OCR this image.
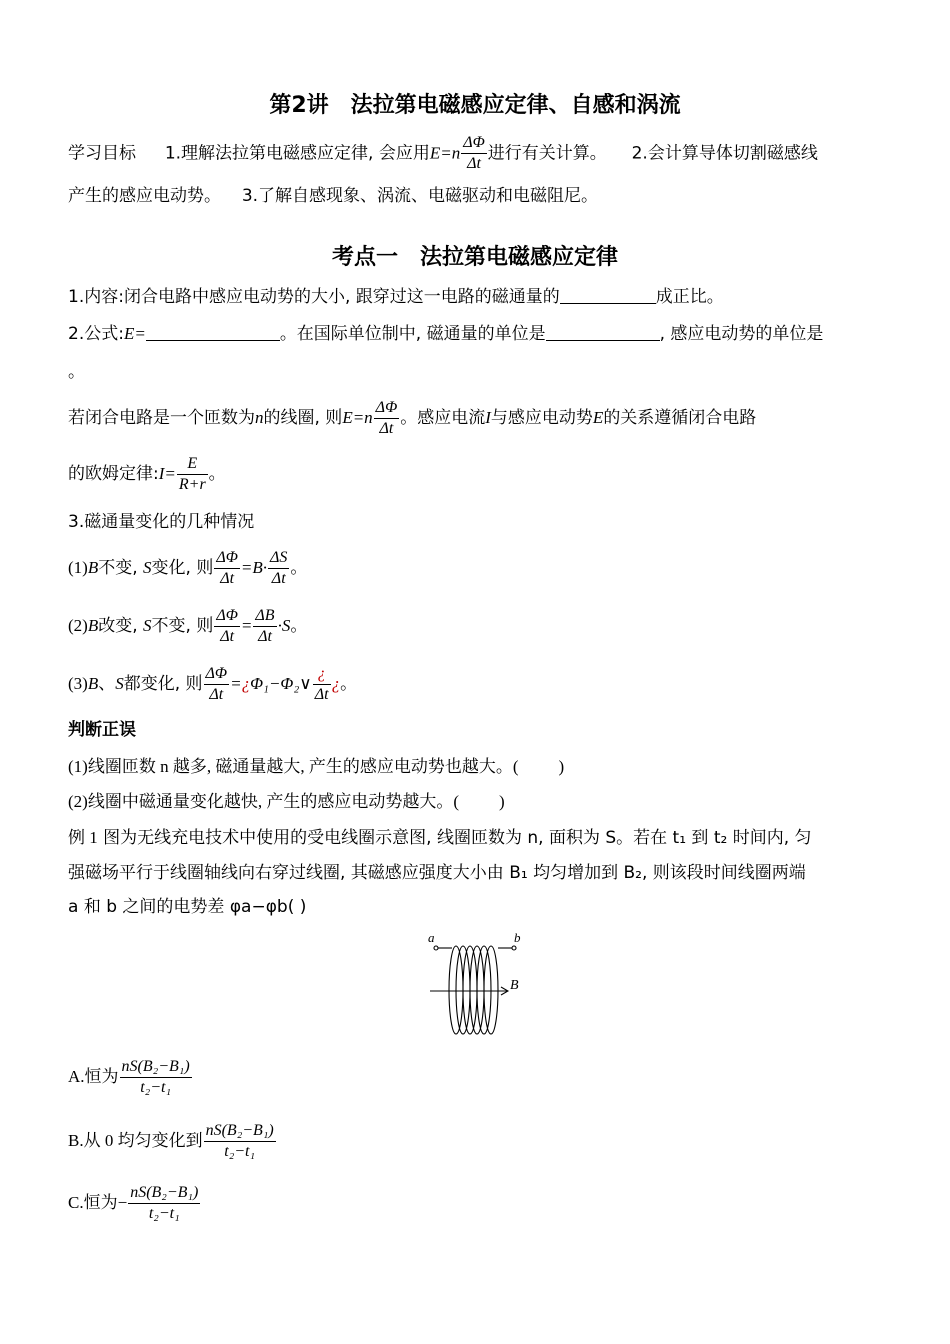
第2讲　法拉第电磁感应定律、自感和涡流
学习目标 1.理解法拉第电磁感应定律, 会应用$E=n \frac{\Delta\Phi}{\Delta t}$ 进行有关计算。 2.会计算导体切割磁感线
产生的感应电动势。 3.了解自感现象、涡流、电磁驱动和电磁阻尼。
考点一　法拉第电磁感应定律
1.内容:闭合电路中感应电动势的大小, 跟穿过这一电路的磁通量的	成正比。
2.公式:E=	。在国际单位制中, 磁通量的单位是	, 感应电动势的单位是
。
若闭合电路是一个匝数为n的线圈, 则$E=n \frac{\Delta\Phi}{\Delta t}$ 。感应电流I与感应电动势E的关系遵循闭合电路
的欧姆定律:I= $\frac{E}{R+r}$ 。
3.磁通量变化的几种情况
(1)B不变, S变化, 则 $\frac{\Delta\Phi}{\Delta t} =B\cdot \frac{\Delta S}{\Delta t}$ 。
(2)B改变, S不变, 则 $\frac{\Delta\Phi}{\Delta t} = \frac{\Delta B}{\Delta t} \cdot S$。
(3)B、S都变化, 则 $\frac{\Delta\Phi}{\Delta t}$ =¿Φ₁−Φ₂∨ $\frac{¿}{\Delta t}$ ¿。
判断正误
(1)线圈匝数 n 越多, 磁通量越大, 产生的感应电动势也越大。( )
(2)线圈中磁通量变化越快, 产生的感应电动势越大。( )
例 1 图为无线充电技术中使用的受电线圈示意图, 线圈匝数为 n, 面积为 S。若在 t₁ 到 t₂ 时间内, 匀
强磁场平行于线圈轴线向右穿过线圈, 其磁感应强度大小由 B₁ 均匀增加到 B₂, 则该段时间线圈两端
a 和 b 之间的电势差 φa−φb( )
a	b
B
A.恒为 $\frac{\text{nS(B₂−B₁)}}{\text{t₂−t₁}}$
B.从 0 均匀变化到 $\frac{\text{nS(B₂−B₁)}}{\text{t₂−t₁}}$
C.恒为− $\frac{\text{nS(B₂−B₁)}}{\text{t₂−t₁}}$
